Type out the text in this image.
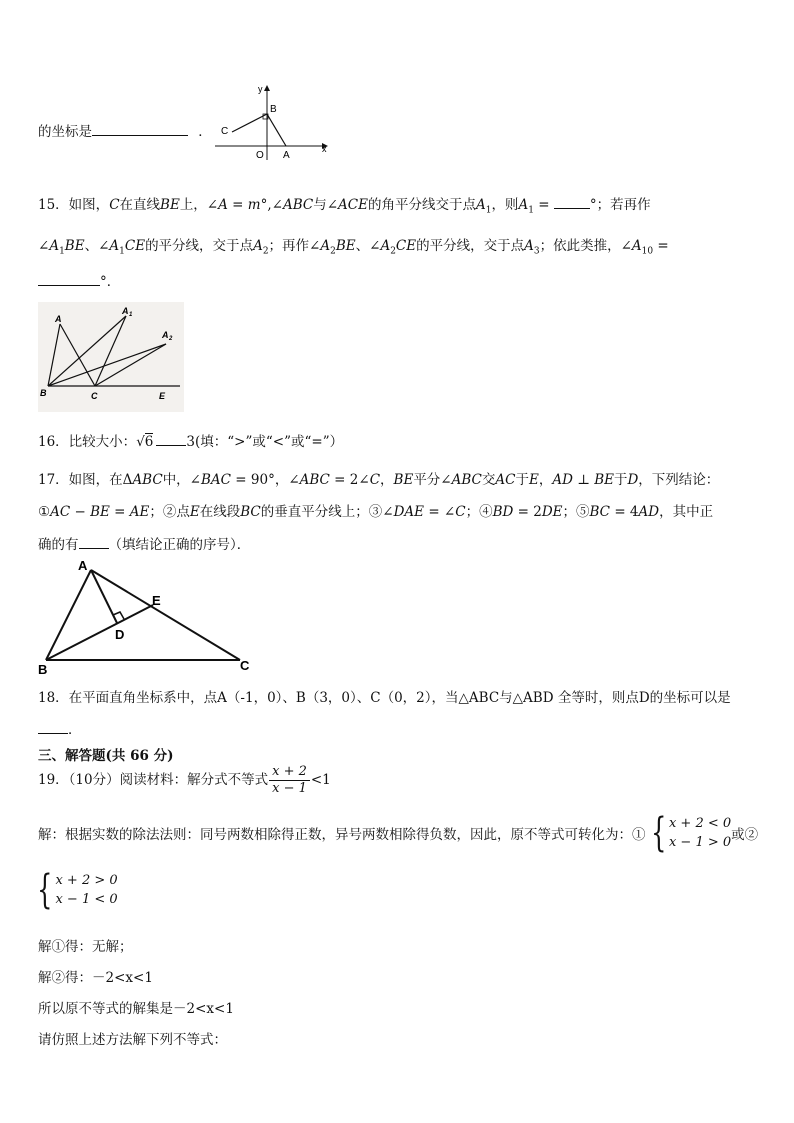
的坐标是	．
y
x
B
C
O A
15．如图，C在直线BE上，∠A = m°,∠ABC与∠ACE的角平分线交于点$A_1$，则$A_1$ =	°；若再作
$\angle A_1BE$、$\angle A_1CE$的平分线，交于点$A_2$；再作$\angle A_2BE$、$\angle A_2CE$的平分线，交于点$A_3$；依此类推，$\angle A_{10}$ =
°．
A
A 1
A 2
B	C	E
16．比较大小：√6 3(填：“>”或“<”或“=”）
17．如图，在ΔABC中，∠BAC = 90°，∠ABC = 2∠C，BE平分∠ABC交AC于E，AD ⊥ BE于D，下列结论：
①AC − BE = AE；②点E在线段BC的垂直平分线上；③∠DAE = ∠C；④BD = 2DE；⑤BC = 4AD，其中正
确的有 （填结论正确的序号）．
A
B	C
D
E
18．在平面直角坐标系中，点A（-1，0）、B（3，0）、C（0，2），当△ABC与△ABD 全等时，则点D的坐标可以是
．
三、解答题(共 66 分)
19．（10分）阅读材料：解分式不等式 $\frac{x + 2}{x - 1} <1$
解：根据实数的除法法则：同号两数相除得正数，异号两数相除得负数，因此，原不等式可转化为：① { x + 2 < 0
x − 1 > 0 或②
{ x + 2 > 0
x − 1 < 0
解①得：无解；
解②得：－2<x<1
所以原不等式的解集是－2<x<1
请仿照上述方法解下列不等式：
